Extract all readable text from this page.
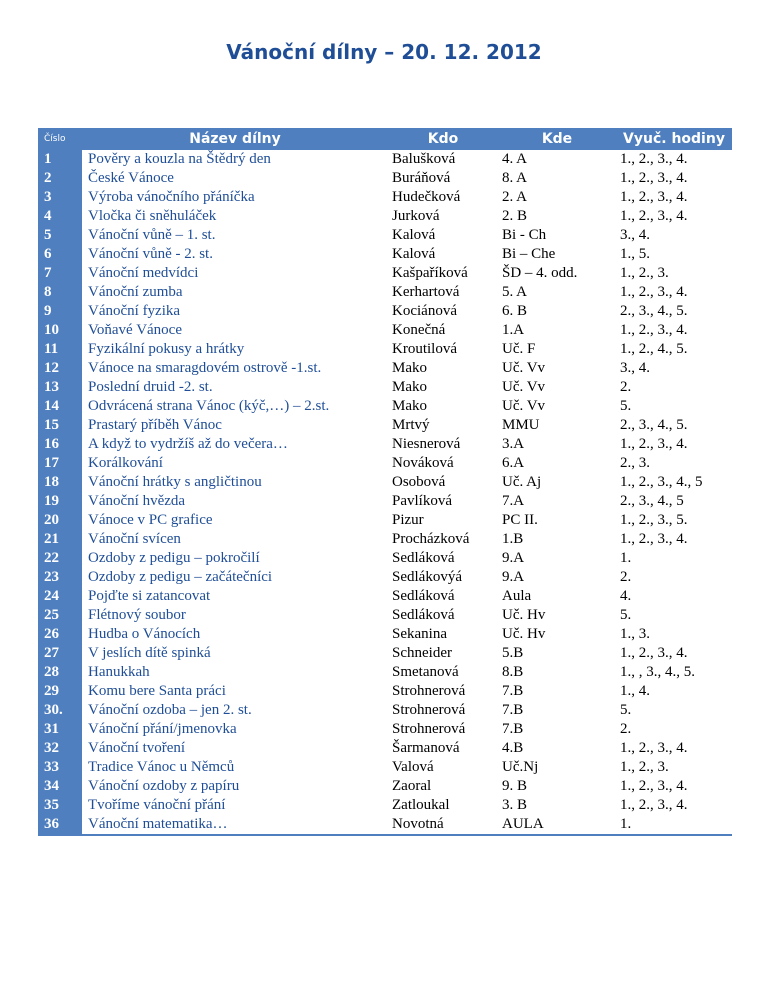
Vánoční dílny – 20. 12. 2012
Číslo	Název dílny	Kdo	Kde	Vyuč. hodiny
1	Pověry a kouzla na Štědrý den	Balušková	4. A	1., 2., 3., 4.
2	České Vánoce	Buráňová	8. A	1., 2., 3., 4.
3	Výroba vánočního přáníčka	Hudečková	2. A	1., 2., 3., 4.
4	Vločka či sněhuláček	Jurková	2. B	1., 2., 3., 4.
5	Vánoční vůně – 1. st.	Kalová	Bi - Ch	3., 4.
6	Vánoční vůně - 2. st.	Kalová	Bi – Che	1., 5.
7	Vánoční medvídci	Kašpaříková	ŠD – 4. odd.	1., 2., 3.
8	Vánoční zumba	Kerhartová	5. A	1., 2., 3., 4.
9	Vánoční fyzika	Kociánová	6. B	2., 3., 4., 5.
10	Voňavé Vánoce	Konečná	1.A	1., 2., 3., 4.
11	Fyzikální pokusy a hrátky	Kroutilová	Uč. F	1., 2., 4., 5.
12	Vánoce na smaragdovém ostrově -1.st.	Mako	Uč. Vv	3., 4.
13	Poslední druid -2. st.	Mako	Uč. Vv	2.
14	Odvrácená strana Vánoc (kýč,…) – 2.st.	Mako	Uč. Vv	5.
15	Prastarý příběh Vánoc	Mrtvý	MMU	2., 3., 4., 5.
16	A když to vydržíš až do večera…	Niesnerová	3.A	1., 2., 3., 4.
17	Korálkování	Nováková	6.A	2., 3.
18	Vánoční hrátky s angličtinou	Osobová	Uč. Aj	1., 2., 3., 4., 5
19	Vánoční hvězda	Pavlíková	7.A	2., 3., 4., 5
20	Vánoce v PC grafice	Pizur	PC II.	1., 2., 3., 5.
21	Vánoční svícen	Procházková	1.B	1., 2., 3., 4.
22	Ozdoby z pedigu – pokročilí	Sedláková	9.A	1.
23	Ozdoby z pedigu – začátečníci	Sedlákovýá	9.A	2.
24	Pojďte si zatancovat	Sedláková	Aula	4.
25	Flétnový soubor	Sedláková	Uč. Hv	5.
26	Hudba o Vánocích	Sekanina	Uč. Hv	1., 3.
27	V jeslích dítě spinká	Schneider	5.B	1., 2., 3., 4.
28	Hanukkah	Smetanová	8.B	1., , 3., 4., 5.
29	Komu bere Santa práci	Strohnerová	7.B	1., 4.
30.	Vánoční ozdoba – jen 2. st.	Strohnerová	7.B	5.
31	Vánoční přání/jmenovka	Strohnerová	7.B	2.
32	Vánoční tvoření	Šarmanová	4.B	1., 2., 3., 4.
33	Tradice Vánoc u Němců	Valová	Uč.Nj	1., 2., 3.
34	Vánoční ozdoby z papíru	Zaoral	9. B	1., 2., 3., 4.
35	Tvoříme vánoční přání	Zatloukal	3. B	1., 2., 3., 4.
36	Vánoční matematika…	Novotná	AULA	1.
